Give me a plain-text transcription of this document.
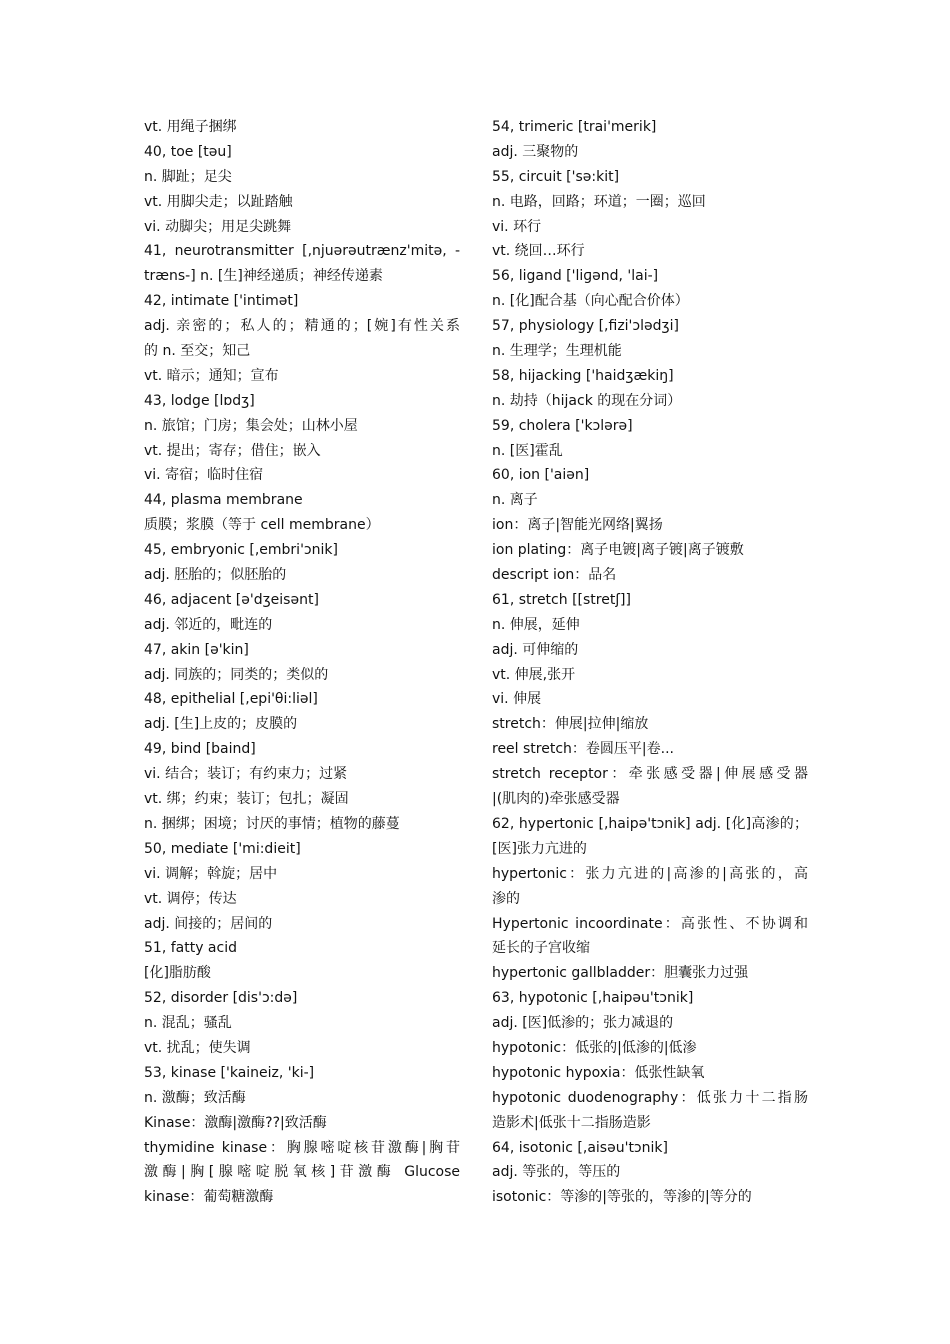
vt. 用绳子捆绑
40, toe [təu]
n. 脚趾；足尖
vt. 用脚尖走；以趾踏触
vi. 动脚尖；用足尖跳舞
41, neurotransmitter [,njuərəutrænz'mitə, -
træns-] n. [生]神经递质；神经传递素
42, intimate ['intimət]
adj. 亲密的；私人的；精通的；[婉]有性关系
的 n. 至交；知己
vt. 暗示；通知；宣布
43, lodge [lɒdʒ]
n. 旅馆；门房；集会处；山林小屋
vt. 提出；寄存；借住；嵌入
vi. 寄宿；临时住宿
44, plasma membrane
质膜；浆膜（等于 cell membrane）
45, embryonic [,embri'ɔnik]
adj. 胚胎的；似胚胎的
46, adjacent [ə'dʒeisənt]
adj. 邻近的，毗连的
47, akin [ə'kin]
adj. 同族的；同类的；类似的
48, epithelial [,epi'θi:liəl]
adj. [生]上皮的；皮膜的
49, bind [baind]
vi. 结合；装订；有约束力；过紧
vt. 绑；约束；装订；包扎；凝固
n. 捆绑；困境；讨厌的事情；植物的藤蔓
50, mediate ['mi:dieit]
vi. 调解；斡旋；居中
vt. 调停；传达
adj. 间接的；居间的
51, fatty acid
[化]脂肪酸
52, disorder [dis'ɔ:də]
n. 混乱；骚乱
vt. 扰乱；使失调
53, kinase ['kaineiz, 'ki-]
n. 激酶；致活酶
Kinase：激酶|激酶??|致活酶
thymidine kinase：胸腺嘧啶核苷激酶|胸苷
激酶|胸[腺嘧啶脱氧核]苷激酶 Glucose
kinase：葡萄糖激酶
54, trimeric [trai'merik]
adj. 三聚物的
55, circuit ['sə:kit]
n. 电路，回路；环道；一圈；巡回
vi. 环行
vt. 绕回…环行
56, ligand ['liɡənd, 'lai-]
n. [化]配合基（向心配合价体）
57, physiology [,fizi'ɔlədʒi]
n. 生理学；生理机能
58, hijacking ['haidʒækiŋ]
n. 劫持（hijack 的现在分词）
59, cholera ['kɔlərə]
n. [医]霍乱
60, ion ['aiən]
n. 离子
ion：离子|智能光网络|翼扬
ion plating：离子电镀|离子镀|离子镀敷
descript ion：品名
61, stretch [[stretʃ]]
n. 伸展，延伸
adj. 可伸缩的
vt. 伸展,张开
vi. 伸展
stretch：伸展|拉伸|缩放
reel stretch：卷圆压平|卷...
stretch receptor：牵张感受器|伸展感受器
|(肌肉的)牵张感受器
62, hypertonic [,haipə'tɔnik] adj. [化]高渗的；
[医]张力亢进的
hypertonic：张力亢进的|高渗的|高张的，高
渗的
Hypertonic incoordinate：高张性、不协调和
延长的子宫收缩
hypertonic gallbladder：胆囊张力过强
63, hypotonic [,haipəu'tɔnik]
adj. [医]低渗的；张力减退的
hypotonic：低张的|低渗的|低渗
hypotonic hypoxia：低张性缺氧
hypotonic duodenography：低张力十二指肠
造影术|低张十二指肠造影
64, isotonic [,aisəu'tɔnik]
adj. 等张的，等压的
isotonic：等渗的|等张的，等渗的|等分的
